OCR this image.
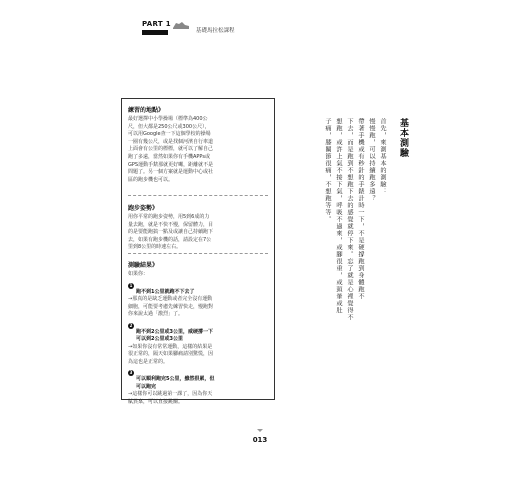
PART 1
基礎馬拉松課程
練習的地點》
最好選擇中小學操場（標準為400公
尺，但大都是250公尺或300公尺），
可以用Google查一下這個學校的操場
一圈有幾公尺，或是找個河濱自行車道
上面會有公里的標標，就可以了解自己
跑了多遠，當然如果你有手機APPs或
GPS運動手錶那就更好囉，距離就不是
問題了。另一個方案就是運動中心或社
區的跑步機也可以。
跑步姿勢》
用你平常的跑步姿勢，用5到6成的力
量去跑，就是不快不慢，保留體力，目
的是要能跑搞一點及或讓自己持續跑下
去，如果有跑步機的話，請設定在7公
里到8公里的時速左右。
測驗結果》
如果你：

1
跑不到1公里就跑不下去了

→那真的是缺乏運動或者完全沒有運動
細胞，可能要考慮先練習快走，慢跑對
你來說太過「激烈」了。

2
跑不到2公里或3公里，威硬撐一下
可以到2公里或3公里

→如果你沒有常常運動，這樣的結果是
很正常的，隔天如果腳痛請別驚慌，因
為這也是正常的。

3
可以順利跑完5公里，雖然很累，但
可以跑完

→這樣你可以跳過第一課了，因為你天
賦異稟，可以直接跳關。
基本測驗
首先，來測基本的測驗：
慢慢跑，可以持續跑多遠？
帶著手機或有秒針的手錶計時一下，不是硬撐跑到身體跑不
下去，而是跑到不想跑下去的感覺就停下來。忘了就是心裡覺得不
想跑，或許上氣不接下氣，呼吸不過來，或腳很重，或頭暈或肚
子痛，膝關節很痛，不想跑等等。
013
